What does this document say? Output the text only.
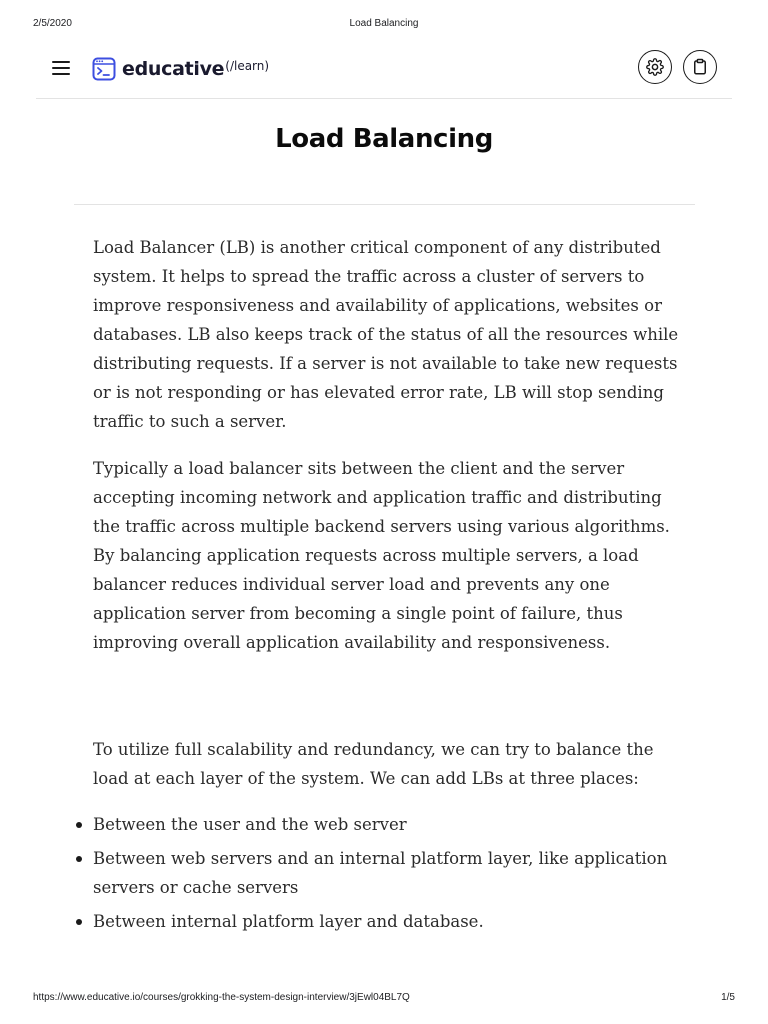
2/5/2020	Load Balancing
educative (/learn)
Load Balancing

Load Balancer (LB) is another critical component of any distributed system. It helps to spread the traffic across a cluster of servers to improve responsiveness and availability of applications, websites or databases. LB also keeps track of the status of all the resources while distributing requests. If a server is not available to take new requests or is not responding or has elevated error rate, LB will stop sending traffic to such a server.

Typically a load balancer sits between the client and the server accepting incoming network and application traffic and distributing the traffic across multiple backend servers using various algorithms. By balancing application requests across multiple servers, a load balancer reduces individual server load and prevents any one application server from becoming a single point of failure, thus improving overall application availability and responsiveness.

To utilize full scalability and redundancy, we can try to balance the load at each layer of the system. We can add LBs at three places:

Between the user and the web server
Between web servers and an internal platform layer, like application servers or cache servers
Between internal platform layer and database.
https://www.educative.io/courses/grokking-the-system-design-interview/3jEwl04BL7Q	1/5
